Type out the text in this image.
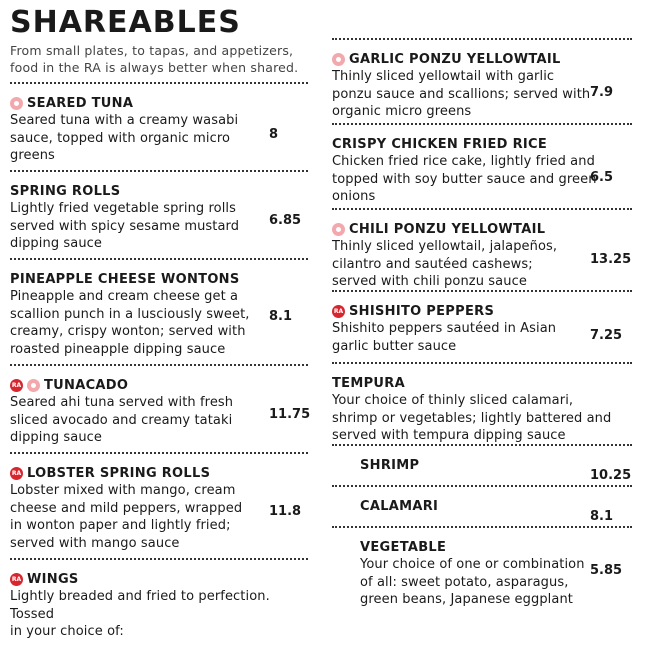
SHAREABLES
From small plates, to tapas, and appetizers,
food in the RA is always better when shared.
SEARED TUNA
Seared tuna with a creamy wasabi
sauce, topped with organic micro
greens
8
SPRING ROLLS
Lightly fried vegetable spring rolls
served with spicy sesame mustard
dipping sauce
6.85
PINEAPPLE CHEESE WONTONS
Pineapple and cream cheese get a
scallion punch in a lusciously sweet,
creamy, crispy wonton; served with
roasted pineapple dipping sauce
8.1
RA TUNACADO
Seared ahi tuna served with fresh
sliced avocado and creamy tataki
dipping sauce
11.75
RA LOBSTER SPRING ROLLS
Lobster mixed with mango, cream
cheese and mild peppers, wrapped
in wonton paper and lightly fried;
served with mango sauce
11.8
RA WINGS
Lightly breaded and fried to perfection. Tossed
in your choice of:
GARLIC PONZU YELLOWTAIL
Thinly sliced yellowtail with garlic
ponzu sauce and scallions; served with
organic micro greens
7.9
CRISPY CHICKEN FRIED RICE
Chicken fried rice cake, lightly fried and
topped with soy butter sauce and green
onions
6.5
CHILI PONZU YELLOWTAIL
Thinly sliced yellowtail, jalapeños,
cilantro and sautéed cashews;
served with chili ponzu sauce
13.25
RA SHISHITO PEPPERS
Shishito peppers sautéed in Asian
garlic butter sauce
7.25
TEMPURA
Your choice of thinly sliced calamari,
shrimp or vegetables; lightly battered and
served with tempura dipping sauce
SHRIMP
10.25
CALAMARI
8.1
VEGETABLE
Your choice of one or combination
of all: sweet potato, asparagus,
green beans, Japanese eggplant
5.85
